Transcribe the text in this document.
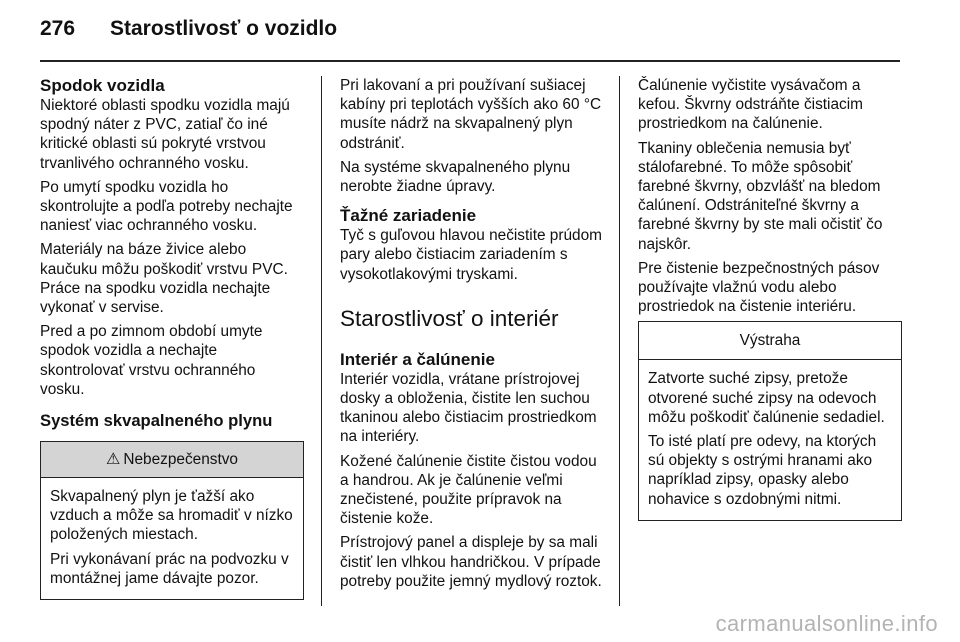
276	Starostlivosť o vozidlo
Spodok vozidla

Niektoré oblasti spodku vozidla majú spodný náter z PVC, zatiaľ čo iné kritické oblasti sú pokryté vrstvou trvanlivého ochranného vosku.

Po umytí spodku vozidla ho skontrolujte a podľa potreby nechajte naniesť viac ochranného vosku.

Materiály na báze živice alebo kaučuku môžu poškodiť vrstvu PVC. Práce na spodku vozidla nechajte vykonať v servise.

Pred a po zimnom období umyte spodok vozidla a nechajte skontrolovať vrstvu ochranného vosku.

Systém skvapalneného plynu
⚠ Nebezpečenstvo

Skvapalnený plyn je ťažší ako vzduch a môže sa hromadiť v nízko položených miestach.

Pri vykonávaní prác na podvozku v montážnej jame dávajte pozor.

Pri lakovaní a pri používaní sušiacej kabíny pri teplotách vyšších ako 60 °C musíte nádrž na skvapalnený plyn odstrániť.

Na systéme skvapalneného plynu nerobte žiadne úpravy.

Ťažné zariadenie

Tyč s guľovou hlavou nečistite prúdom pary alebo čistiacim zariadením s vysokotlakovými tryskami.

Starostlivosť o interiér
Interiér a čalúnenie

Interiér vozidla, vrátane prístrojovej dosky a obloženia, čistite len suchou tkaninou alebo čistiacim prostriedkom na interiéry.

Kožené čalúnenie čistite čistou vodou a handrou. Ak je čalúnenie veľmi znečistené, použite prípravok na čistenie kože.

Prístrojový panel a displeje by sa mali čistiť len vlhkou handričkou. V prípade potreby použite jemný mydlový roztok.

Čalúnenie vyčistite vysávačom a kefou. Škvrny odstráňte čistiacim prostriedkom na čalúnenie.

Tkaniny oblečenia nemusia byť stálofarebné. To môže spôsobiť farebné škvrny, obzvlášť na bledom čalúnení. Odstrániteľné škvrny a farebné škvrny by ste mali očistiť čo najskôr.

Pre čistenie bezpečnostných pásov používajte vlažnú vodu alebo prostriedok na čistenie interiéru.

Výstraha

Zatvorte suché zipsy, pretože otvorené suché zipsy na odevoch môžu poškodiť čalúnenie sedadiel.

To isté platí pre odevy, na ktorých sú objekty s ostrými hranami ako napríklad zipsy, opasky alebo nohavice s ozdobnými nitmi.

carmanualsonline.info
